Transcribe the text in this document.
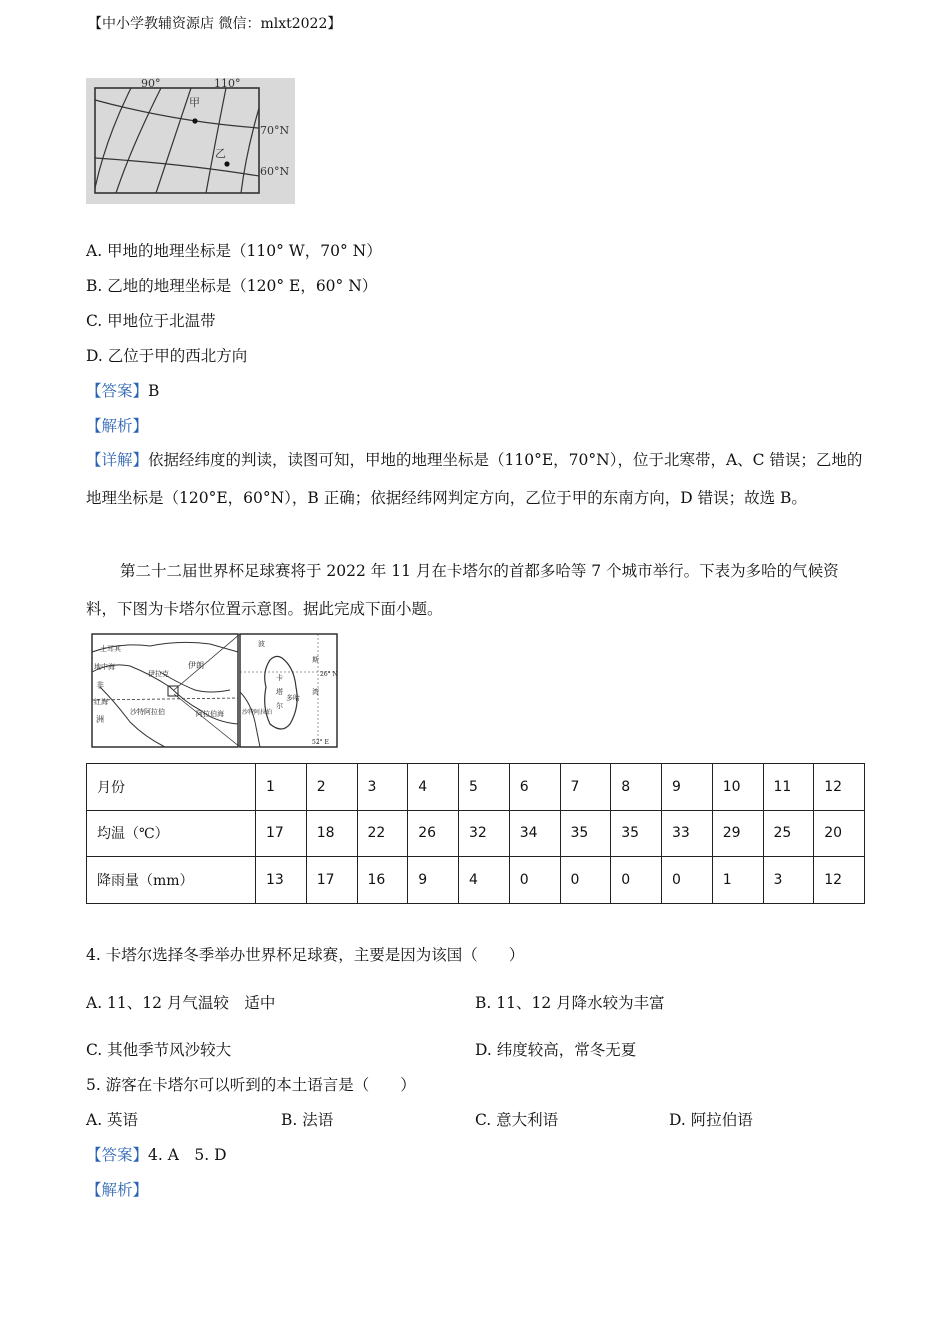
【中小学教辅资源店 微信：mlxt2022】
90°	110°
70°N
60°N
甲
乙
A. 甲地的地理坐标是（110° W，70° N）
B. 乙地的地理坐标是（120° E，60° N）
C. 甲地位于北温带
D. 乙位于甲的西北方向
【答案】B
【解析】
【详解】依据经纬度的判读，读图可知，甲地的地理坐标是（110°E，70°N），位于北寒带，A、C 错误；乙地的地理坐标是（120°E，60°N），B 正确；依据经纬网判定方向，乙位于甲的东南方向，D 错误；故选 B。
第二十二届世界杯足球赛将于 2022 年 11 月在卡塔尔的首都多哈等 7 个城市举行。下表为多哈的气候资料，下图为卡塔尔位置示意图。据此完成下面小题。
土耳其
地中海
伊拉克
伊朗
非
红海
洲
沙特阿拉伯	阿拉伯海
波
斯
湾
卡
塔
尔
多哈
沙特阿拉伯
26° N
52° E
月份	1	2	3	4	5	6	7	8	9	10	11	12
均温（℃）	17	18	22	26	32	34	35	35	33	29	25	20
降雨量（mm）	13	17	16	9	4	0	0	0	0	1	3	12
4. 卡塔尔选择冬季举办世界杯足球赛，主要是因为该国（　　）
A. 11、12 月气温较　适中	B. 11、12 月降水较为丰富
C. 其他季节风沙较大	D. 纬度较高，常冬无夏
5. 游客在卡塔尔可以听到的本土语言是（　　）
A. 英语	B. 法语	C. 意大利语	D. 阿拉伯语
【答案】4. A　5. D
【解析】
